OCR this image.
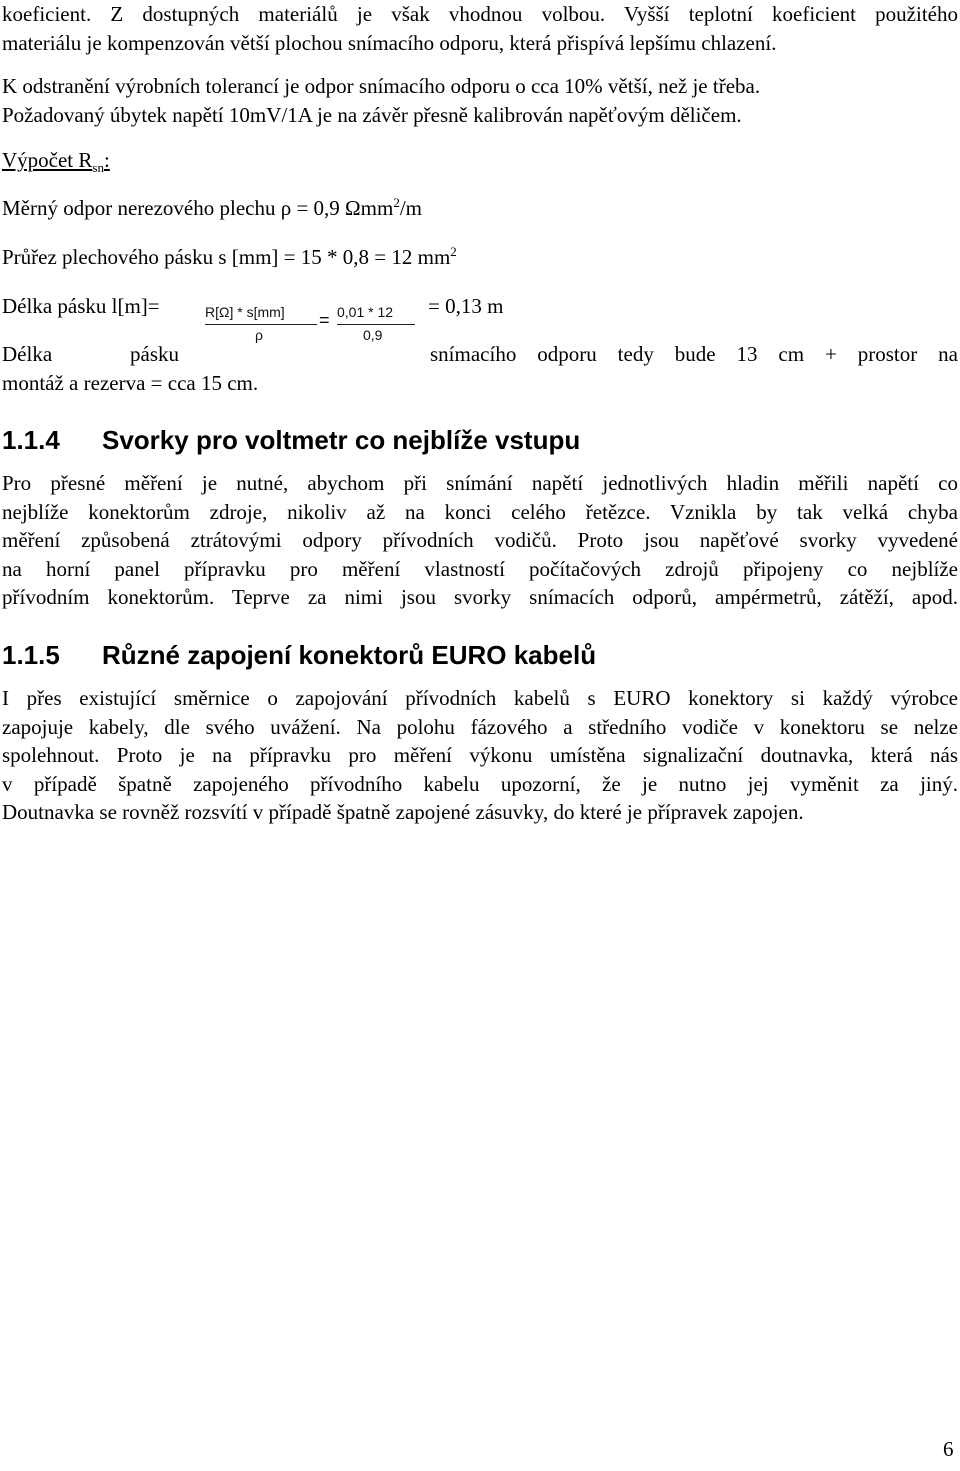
koeficient. Z dostupných materiálů je však vhodnou volbou. Vyšší teplotní koeficient použitého
materiálu je kompenzován větší plochou snímacího odporu, která přispívá lepšímu chlazení.
K odstranění výrobních tolerancí je odpor snímacího odporu o cca 10% větší, než je třeba.
Požadovaný úbytek napětí 10mV/1A je na závěr přesně kalibrován napěťovým děličem.
Výpočet $R_{sn}$:
Měrný odpor nerezového plechu ρ = 0,9 Ωmm$^2$/m
Průřez plechového pásku s [mm] = 15 * 0,8 = 12 $mm^2$
Délka pásku l[m]=	= 0,13 m
R[Ω] * s[mm]
ρ
= 0,01 * 12
0,9
Délka	pásku	snímacího odporu tedy bude 13 cm + prostor na
montáž a rezerva = cca 15 cm.
1.1.4 Svorky pro voltmetr co nejblíže vstupu
Pro přesné měření je nutné, abychom při snímání napětí jednotlivých hladin měřili napětí co
nejblíže konektorům zdroje, nikoliv až na konci celého řetězce. Vznikla by tak velká chyba
měření způsobená ztrátovými odpory přívodních vodičů. Proto jsou napěťové svorky vyvedené
na horní panel přípravku pro měření vlastností počítačových zdrojů připojeny co nejblíže
přívodním konektorům. Teprve za nimi jsou svorky snímacích odporů, ampérmetrů, zátěží, apod.
1.1.5 Různé zapojení konektorů EURO kabelů
I přes existující směrnice o zapojování přívodních kabelů s EURO konektory si každý výrobce
zapojuje kabely, dle svého uvážení. Na polohu fázového a středního vodiče v konektoru se nelze
spolehnout. Proto je na přípravku pro měření výkonu umístěna signalizační doutnavka, která nás
v případě špatně zapojeného přívodního kabelu upozorní, že je nutno jej vyměnit za jiný.
Doutnavka se rovněž rozsvítí v případě špatně zapojené zásuvky, do které je přípravek zapojen.
6
